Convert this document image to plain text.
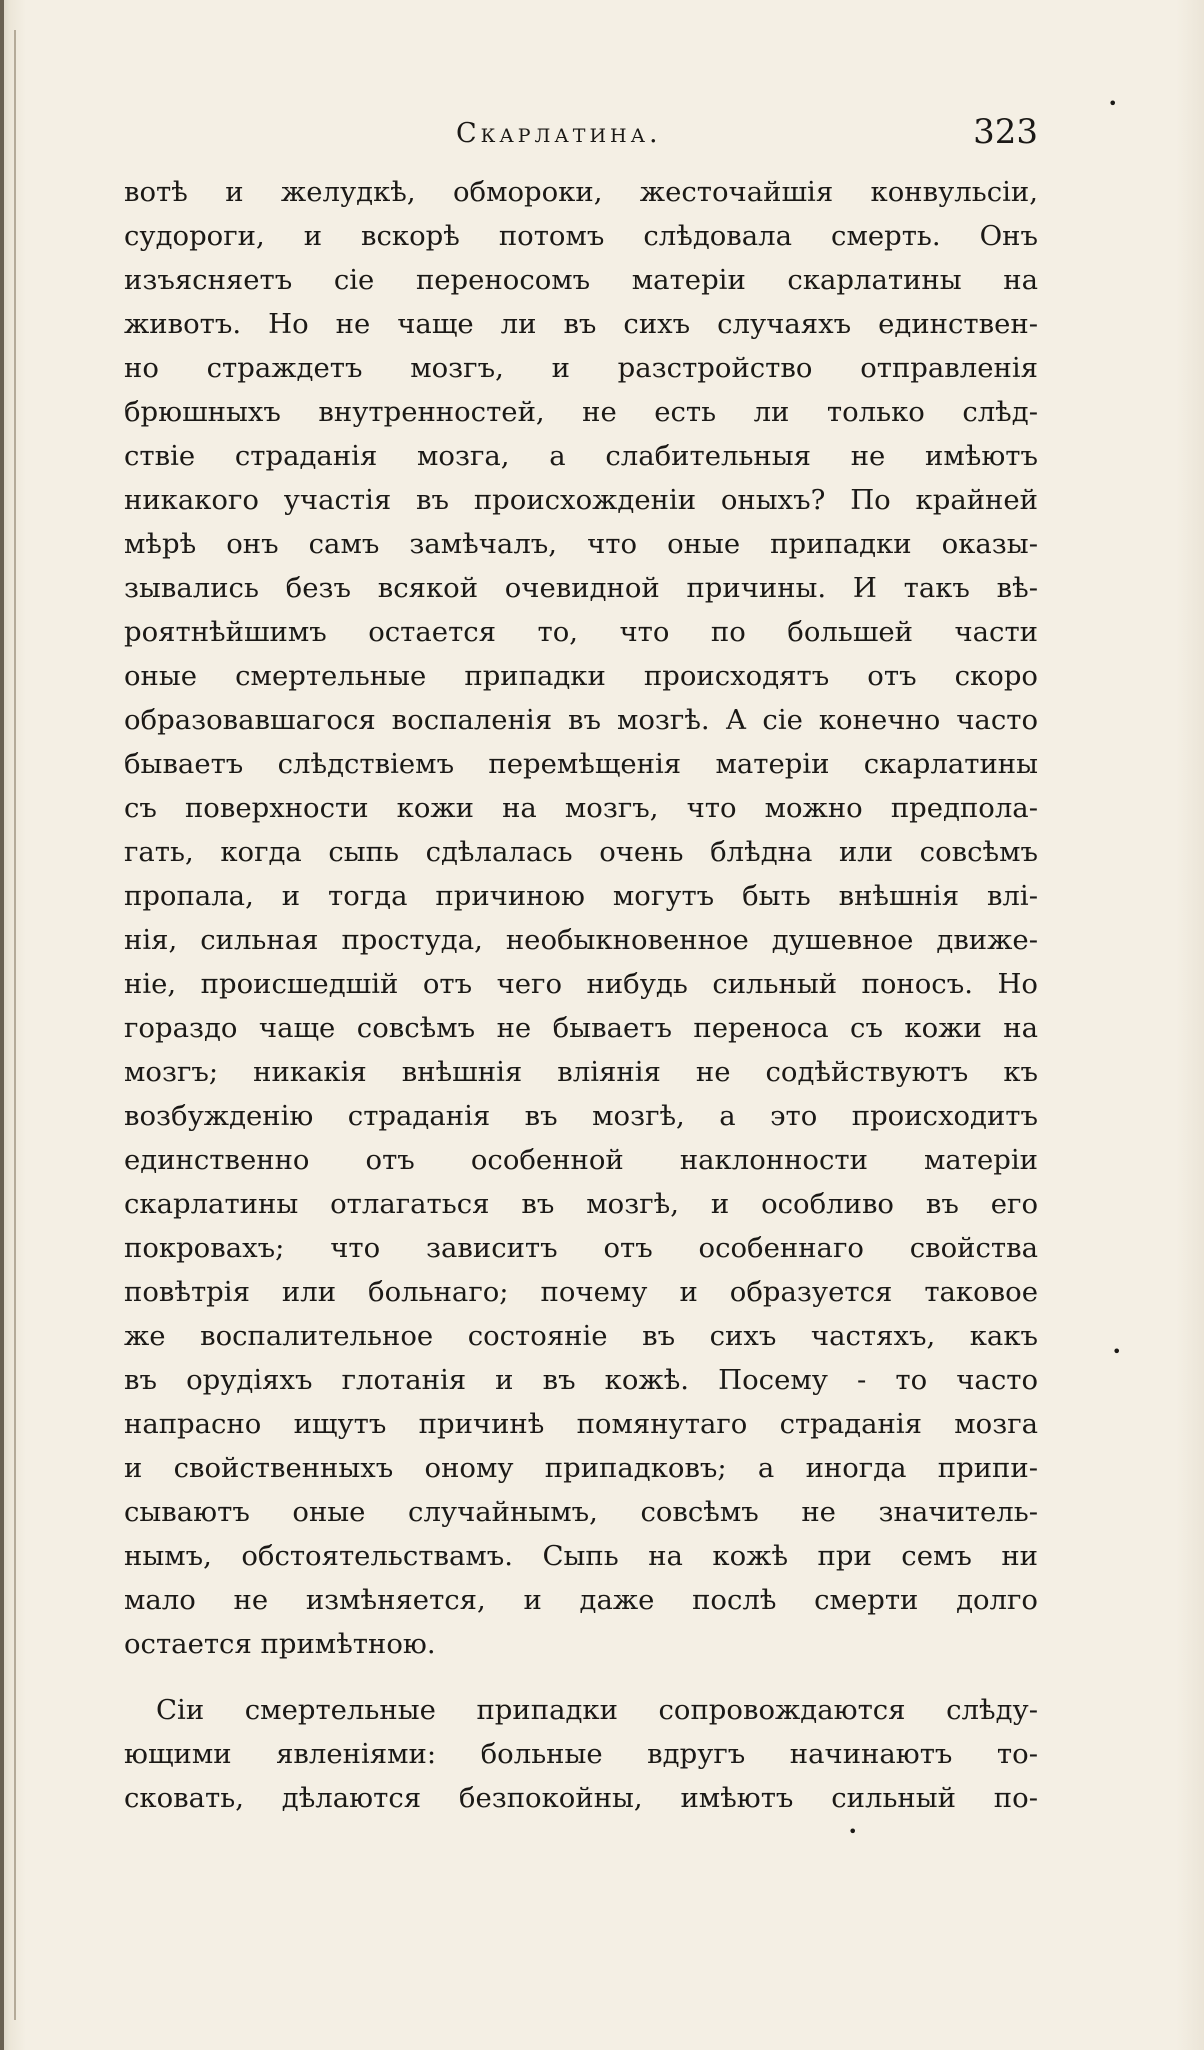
Скарлатина.	323
вотѣ и желудкѣ, обмороки, жесточайшія конвульсіи,
судороги, и вскорѣ потомъ слѣдовала смерть. Онъ
изъясняетъ сіе переносомъ матеріи скарлатины на
животъ. Но не чаще ли въ сихъ случаяхъ единствен-
но страждетъ мозгъ, и разстройство отправленія
брюшныхъ внутренностей, не есть ли только слѣд-
ствіе страданія мозга, а слабительныя не имѣютъ
никакого участія въ происхожденіи оныхъ? По крайней
мѣрѣ онъ самъ замѣчалъ, что оные припадки оказы-
зывались безъ всякой очевидной причины. И такъ вѣ-
роятнѣйшимъ остается то, что по большей части
оные смертельные припадки происходятъ отъ скоро
образовавшагося воспаленія въ мозгѣ. А сіе конечно часто
бываетъ слѣдствіемъ перемѣщенія матеріи скарлатины
съ поверхности кожи на мозгъ, что можно предпола-
гать, когда сыпь сдѣлалась очень блѣдна или совсѣмъ
пропала, и тогда причиною могутъ быть внѣшнія влі-
нія, сильная простуда, необыкновенное душевное движе-
ніе, происшедшій отъ чего нибудь сильный поносъ. Но
гораздо чаще совсѣмъ не бываетъ переноса съ кожи на
мозгъ; никакія внѣшнія вліянія не содѣйствуютъ къ
возбужденію страданія въ мозгѣ, а это происходитъ
единственно отъ особенной наклонности матеріи
скарлатины отлагаться въ мозгѣ, и особливо въ его
покровахъ; что зависитъ отъ особеннаго свойства
повѣтрія или больнаго; почему и образуется таковое
же воспалительное состояніе въ сихъ частяхъ, какъ
въ орудіяхъ глотанія и въ кожѣ. Посему - то часто
напрасно ищутъ причинѣ помянутаго страданія мозга
и свойственныхъ оному припадковъ; а иногда припи-
сываютъ оные случайнымъ, совсѣмъ не значитель-
нымъ, обстоятельствамъ. Сыпь на кожѣ при семъ ни
мало не измѣняется, и даже послѣ смерти долго
остается примѣтною.
Сіи смертельные припадки сопровождаются слѣду-
ющими явленіями: больные вдругъ начинаютъ то-
сковать, дѣлаются безпокойны, имѣютъ сильный по-
•
•
•
